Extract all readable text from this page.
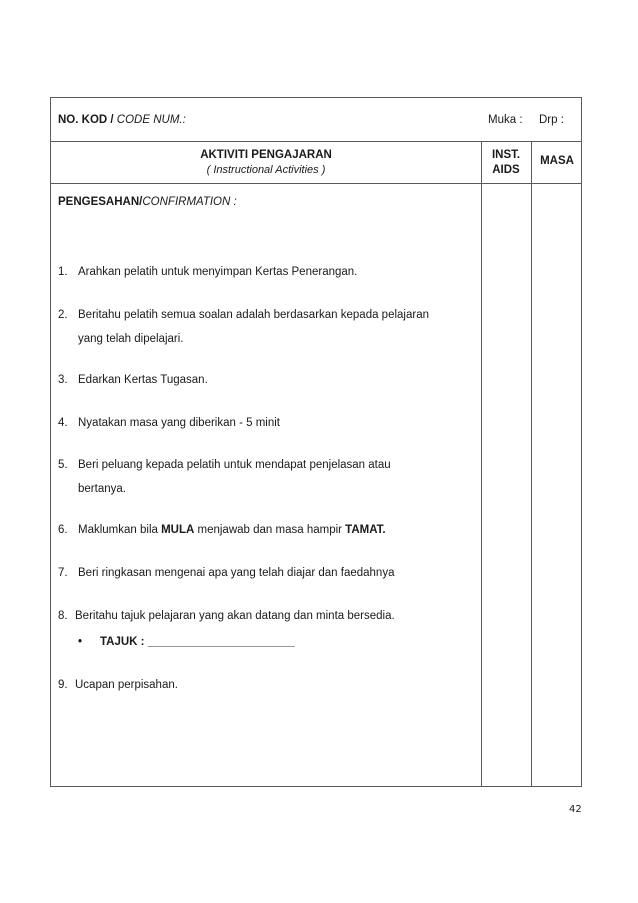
NO. KOD / CODE NUM.:	Muka : Drp :
AKTIVITI PENGAJARAN
( Instructional Activities )
INST.
AIDS
MASA
PENGESAHAN/CONFIRMATION :
1. Arahkan pelatih untuk menyimpan Kertas Penerangan.
2. Beritahu pelatih semua soalan adalah berdasarkan kepada pelajaran
yang telah dipelajari.
3. Edarkan Kertas Tugasan.
4. Nyatakan masa yang diberikan - 5 minit
5. Beri peluang kepada pelatih untuk mendapat penjelasan atau
bertanya.
6. Maklumkan bila MULA menjawab dan masa hampir TAMAT.
7. Beri ringkasan mengenai apa yang telah diajar dan faedahnya
8. Beritahu tajuk pelajaran yang akan datang dan minta bersedia.
• TAJUK : _______________________
9. Ucapan perpisahan.
42
